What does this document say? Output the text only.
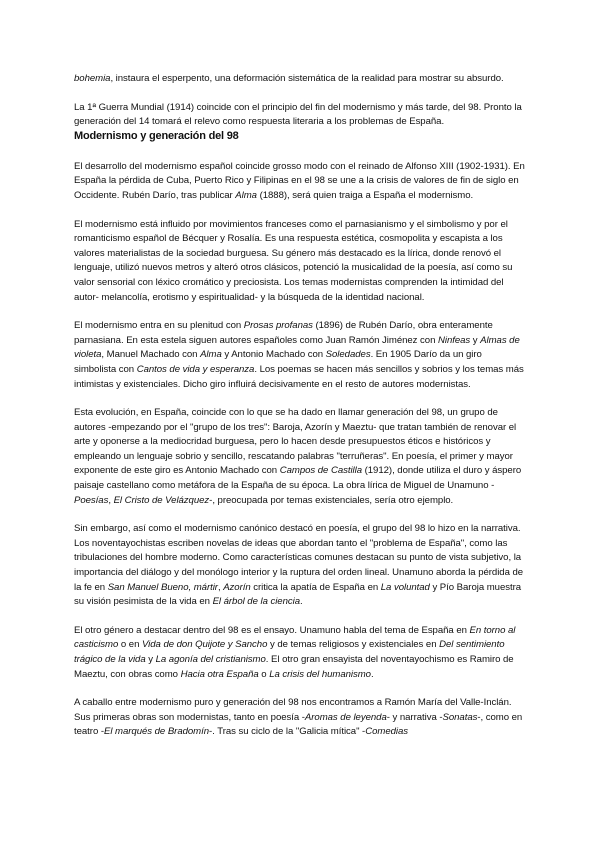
bohemia, instaura el esperpento, una deformación sistemática de la realidad para mostrar su absurdo.

La 1ª Guerra Mundial (1914) coincide con el principio del fin del modernismo y más tarde, del 98. Pronto la generación del 14 tomará el relevo como respuesta literaria a los problemas de España.

Modernismo y generación del 98

El desarrollo del modernismo español coincide grosso modo con el reinado de Alfonso XIII (1902-1931). En España la pérdida de Cuba, Puerto Rico y Filipinas en el 98 se une a la crisis de valores de fin de siglo en Occidente. Rubén Darío, tras publicar Alma (1888), será quien traiga a España el modernismo.

El modernismo está influido por movimientos franceses como el parnasianismo y el simbolismo y por el romanticismo español de Bécquer y Rosalía. Es una respuesta estética, cosmopolita y escapista a los valores materialistas de la sociedad burguesa. Su género más destacado es la lírica, donde renovó el lenguaje, utilizó nuevos metros y alteró otros clásicos, potenció la musicalidad de la poesía, así como su valor sensorial con léxico cromático y preciosista. Los temas modernistas comprenden la intimidad del autor- melancolía, erotismo y espiritualidad- y la búsqueda de la identidad nacional.

El modernismo entra en su plenitud con Prosas profanas (1896) de Rubén Darío, obra enteramente parnasiana. En esta estela siguen autores españoles como Juan Ramón Jiménez con Ninfeas y Almas de violeta, Manuel Machado con Alma y Antonio Machado con Soledades. En 1905 Darío da un giro simbolista con Cantos de vida y esperanza. Los poemas se hacen más sencillos y sobrios y los temas más intimistas y existenciales. Dicho giro influirá decisivamente en el resto de autores modernistas.

Esta evolución, en España, coincide con lo que se ha dado en llamar generación del 98, un grupo de autores -empezando por el "grupo de los tres": Baroja, Azorín y Maeztu- que tratan también de renovar el arte y oponerse a la mediocridad burguesa, pero lo hacen desde presupuestos éticos e históricos y empleando un lenguaje sobrio y sencillo, rescatando palabras "terruñeras". En poesía, el primer y mayor exponente de este giro es Antonio Machado con Campos de Castilla (1912), donde utiliza el duro y áspero paisaje castellano como metáfora de la España de su época. La obra lírica de Miguel de Unamuno -Poesías, El Cristo de Velázquez-, preocupada por temas existenciales, sería otro ejemplo.

Sin embargo, así como el modernismo canónico destacó en poesía, el grupo del 98 lo hizo en la narrativa. Los noventayochistas escriben novelas de ideas que abordan tanto el "problema de España", como las tribulaciones del hombre moderno. Como características comunes destacan su punto de vista subjetivo, la importancia del diálogo y del monólogo interior y la ruptura del orden lineal. Unamuno aborda la pérdida de la fe en San Manuel Bueno, mártir, Azorín critica la apatía de España en La voluntad y Pío Baroja muestra su visión pesimista de la vida en El árbol de la ciencia.

El otro género a destacar dentro del 98 es el ensayo. Unamuno habla del tema de España en En torno al casticismo o en Vida de don Quijote y Sancho y de temas religiosos y existenciales en Del sentimiento trágico de la vida y La agonía del cristianismo. El otro gran ensayista del noventayochismo es Ramiro de Maeztu, con obras como Hacia otra España o La crisis del humanismo.

A caballo entre modernismo puro y generación del 98 nos encontramos a Ramón María del Valle-Inclán. Sus primeras obras son modernistas, tanto en poesía -Aromas de leyenda- y narrativa -Sonatas-, como en teatro -El marqués de Bradomín-. Tras su ciclo de la "Galicia mítica" -Comedias
